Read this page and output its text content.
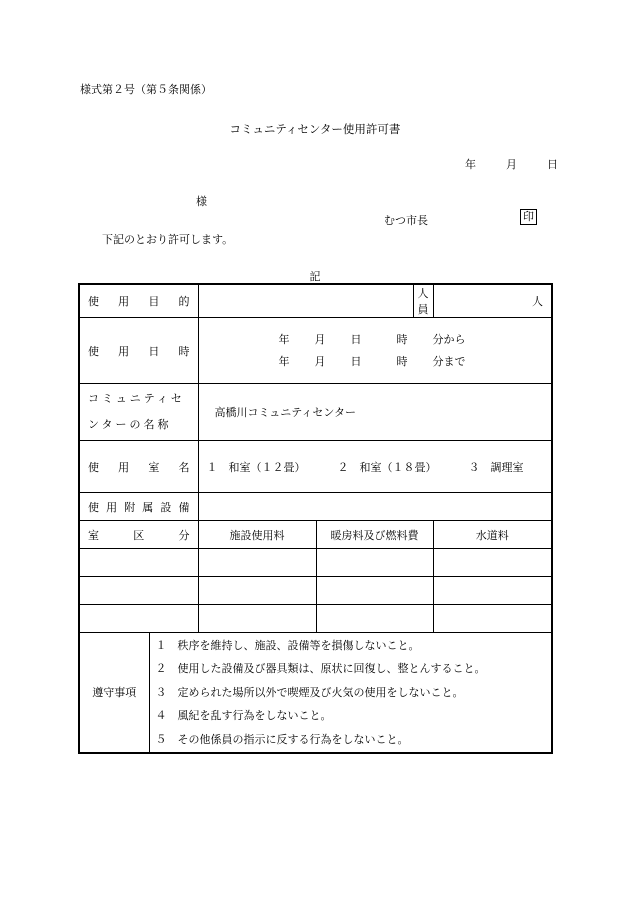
様式第２号（第５条関係）
コミュニティセンター使用許可書
年	月	日
様
むつ市長	印
下記のとおり許可します。
記
使　用　目　的				人員	人
使　用　日　時		年 月 日 時 分から
年 月 日 時 分まで			

コミュニティセンターの名称		高橋川コミュニティセンター			
使　用　室　名		１　和室（１２畳） ２　和室（１８畳） ３　調理室			
使用附属設備					
室　区　分		施設使用料	暖房料及び燃料費		水道料

遵守事項	１　秩序を維持し、施設、設備等を損傷しないこと。
２　使用した設備及び器具類は、原状に回復し、整とんすること。
３　定められた場所以外で喫煙及び火気の使用をしないこと。
４　風紀を乱す行為をしないこと。
５　その他係員の指示に反する行為をしないこと。				
